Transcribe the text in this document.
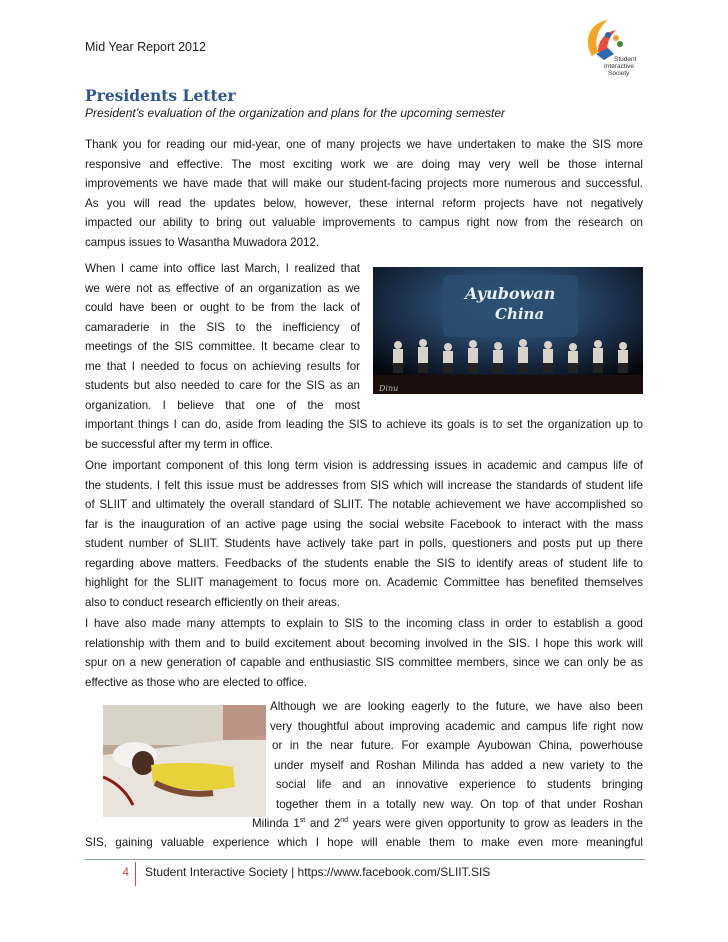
Mid Year Report 2012
Student
Interactive
Society
Presidents Letter
President’s evaluation of the organization and plans for the upcoming semester
Thank you for reading our mid-year, one of many projects we have undertaken to make the SIS more
responsive and effective. The most exciting work we are doing may very well be those internal
improvements we have made that will make our student-facing projects more numerous and successful.
As you will read the updates below, however, these internal reform projects have not negatively
impacted our ability to bring out valuable improvements to campus right now from the research on
campus issues to Wasantha Muwadora 2012.
When I came into office last March, I realized that
we were not as effective of an organization as we
could have been or ought to be from the lack of
camaraderie in the SIS to the inefficiency of
meetings of the SIS committee. It became clear to
me that I needed to focus on achieving results for
students but also needed to care for the SIS as an
organization. I believe that one of the most
important things I can do, aside from leading the SIS to achieve its goals is to set the organization up to
be successful after my term in office.
Ayubowan
China
Dinu
One important component of this long term vision is addressing issues in academic and campus life of
the students. I felt this issue must be addresses from SIS which will increase the standards of student life
of SLIIT and ultimately the overall standard of SLIIT. The notable achievement we have accomplished so
far is the inauguration of an active page using the social website Facebook to interact with the mass
student number of SLIIT. Students have actively take part in polls, questioners and posts put up there
regarding above matters. Feedbacks of the students enable the SIS to identify areas of student life to
highlight for the SLIIT management to focus more on. Academic Committee has benefited themselves
also to conduct research efficiently on their areas.
I have also made many attempts to explain to SIS to the incoming class in order to establish a good
relationship with them and to build excitement about becoming involved in the SIS. I hope this work will
spur on a new generation of capable and enthusiastic SIS committee members, since we can only be as
effective as those who are elected to office.
Although we are looking eagerly to the future, we have also been
very thoughtful about improving academic and campus life right now
or in the near future. For example Ayubowan China, powerhouse
under myself and Roshan Milinda has added a new variety to the
social life and an innovative experience to students bringing
together them in a totally new way. On top of that under Roshan
Milinda 1st and 2nd years were given opportunity to grow as leaders in the
SIS, gaining valuable experience which I hope will enable them to make even more meaningful
4	Student Interactive Society | https://www.facebook.com/SLIIT.SIS
